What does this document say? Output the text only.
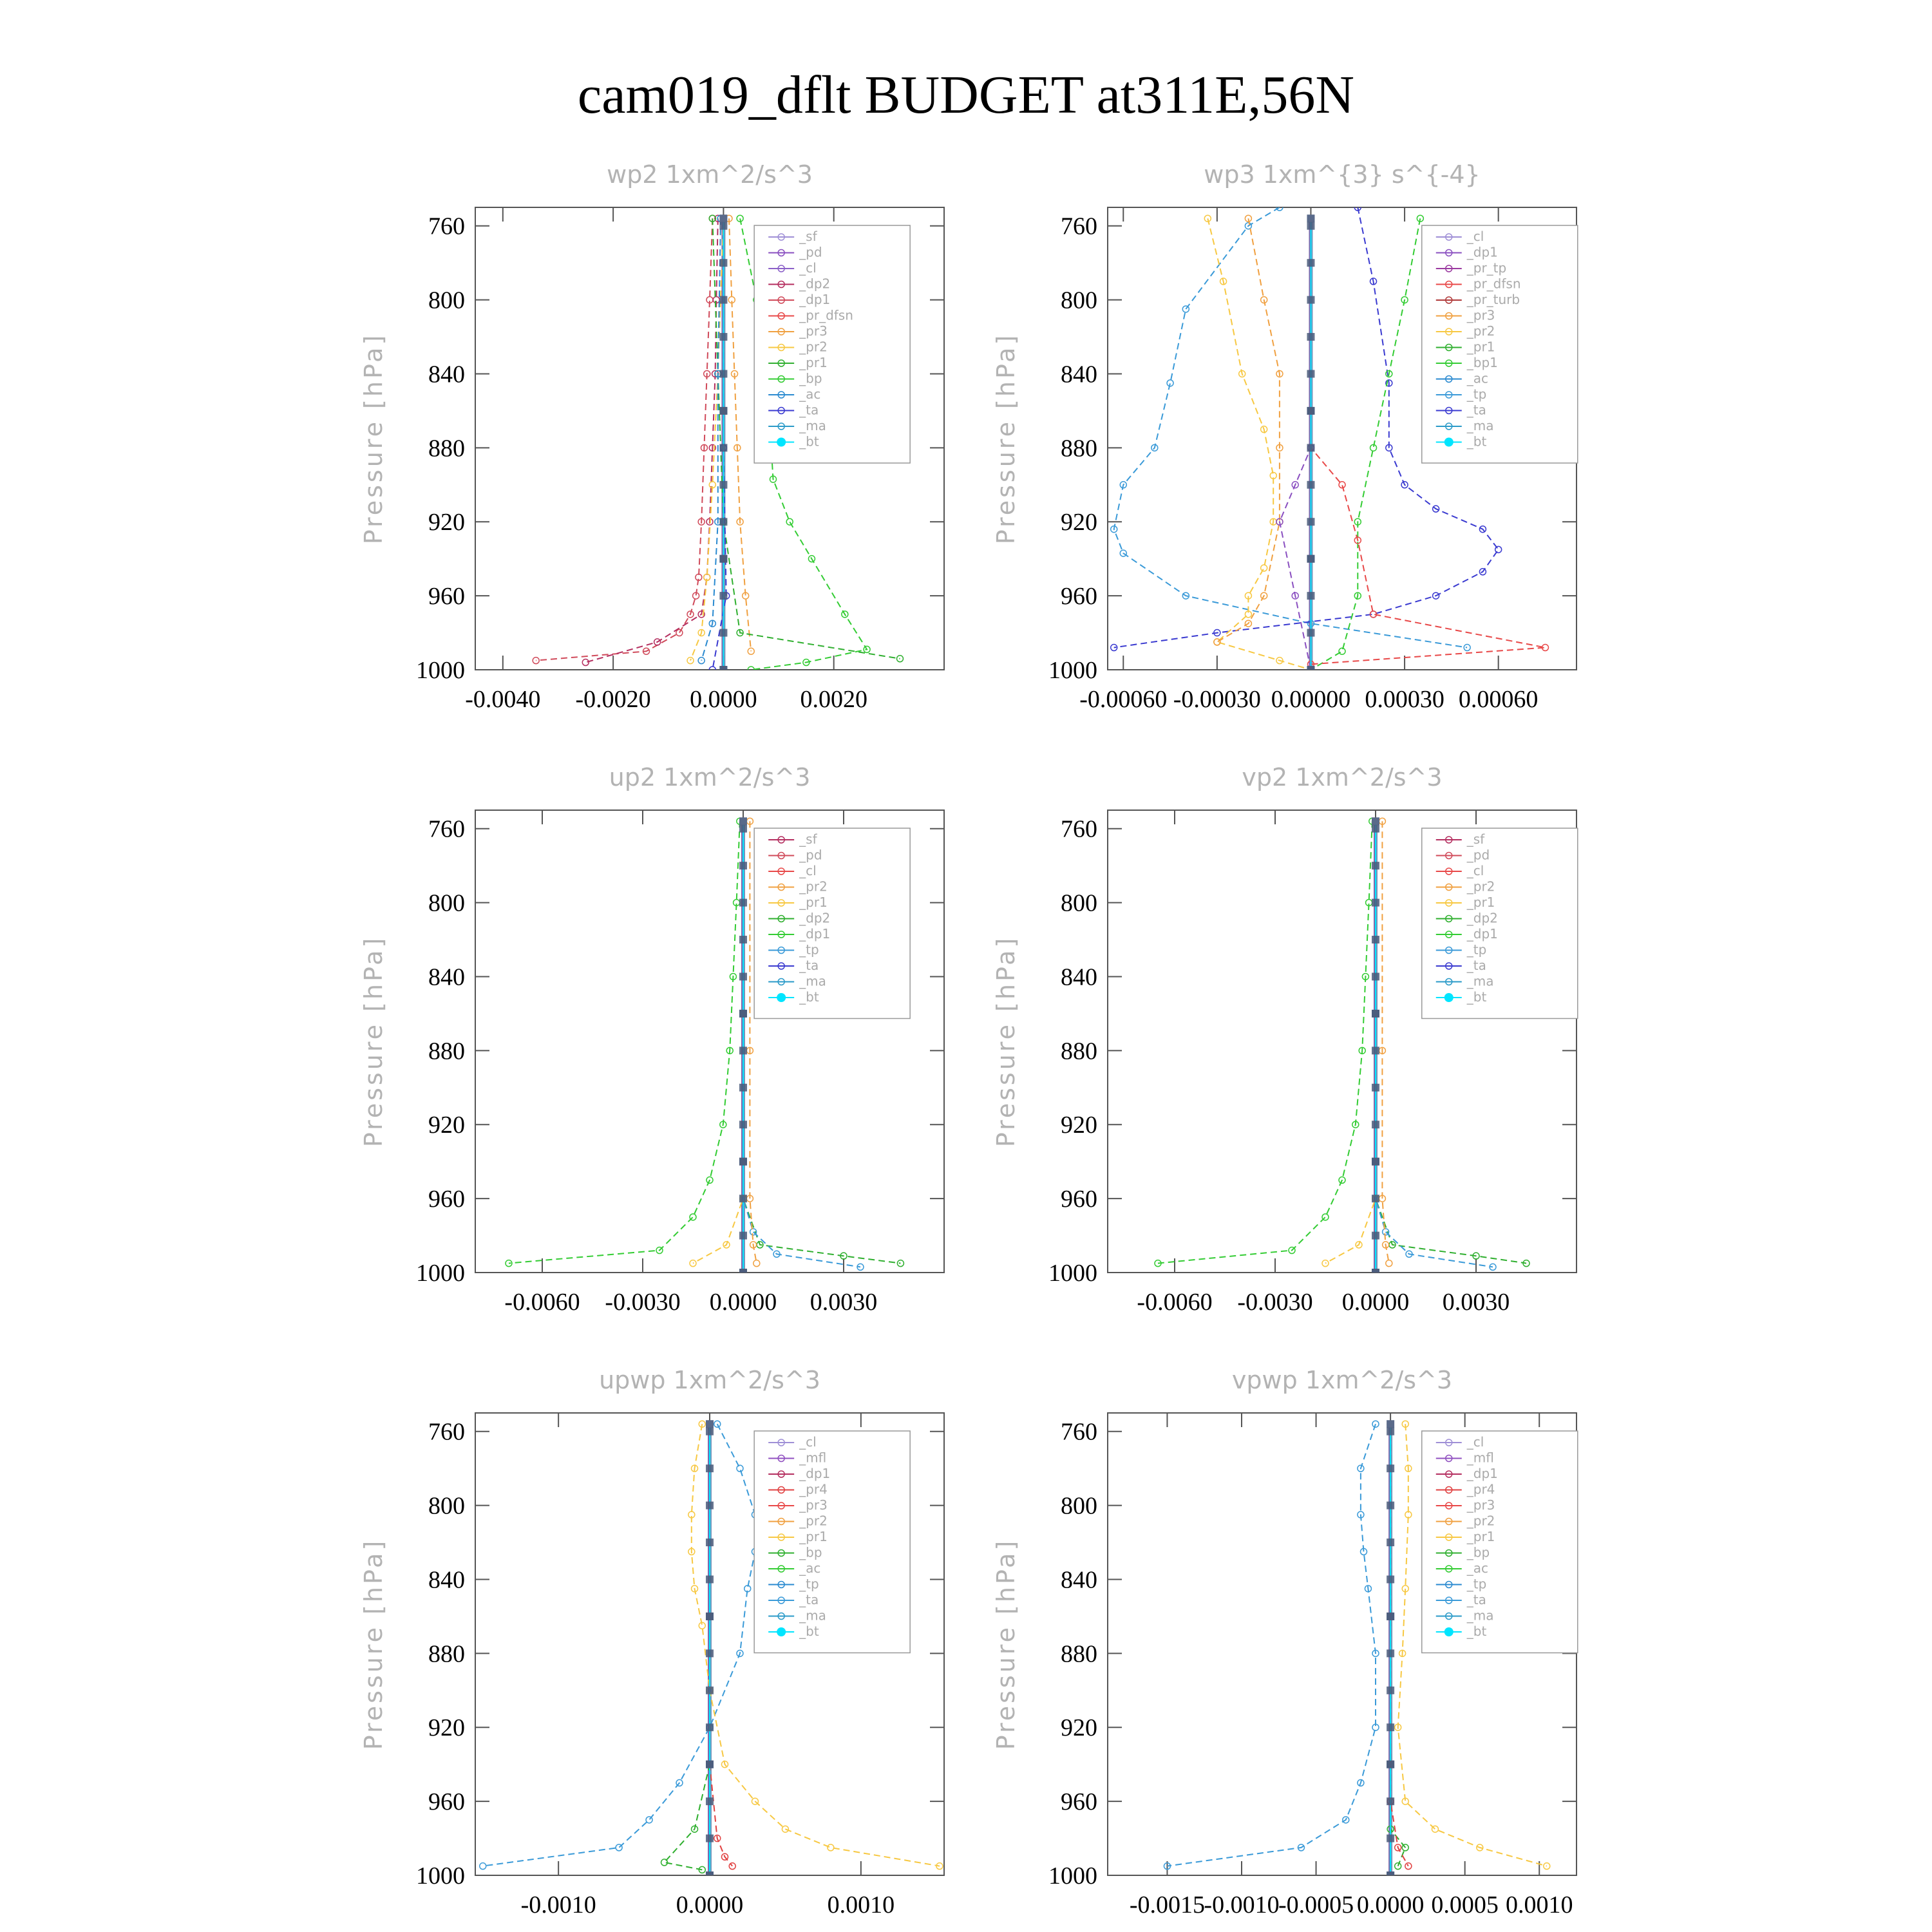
cam019_dflt BUDGET at311E,56N
wp2 1xm^2/s^3
760
800
840
880
920
960
1000
-0.0040 -0.0020 0.0000 0.0020
Pressure [hPa]
_sf
_pd
_cl
_dp2
_dp1
_pr_dfsn
_pr3
_pr2
_pr1
_bp
_ac
_ta
_ma
_bt
wp3 1xm^{3} s^{-4}
760
800
840
880
920
960
1000
-0.00060 -0.00030 0.00000 0.00030 0.00060
Pressure [hPa]
_cl
_dp1
_pr_tp
_pr_dfsn
_pr_turb
_pr3
_pr2
_pr1
_bp1
_ac
_tp
_ta
_ma
_bt
up2 1xm^2/s^3
760
800
840
880
920
960
1000
-0.0060 -0.0030 0.0000 0.0030
Pressure [hPa]
_sf
_pd
_cl
_pr2
_pr1
_dp2
_dp1
_tp
_ta
_ma
_bt
vp2 1xm^2/s^3
760
800
840
880
920
960
1000
-0.0060 -0.0030 0.0000 0.0030
Pressure [hPa]
_sf
_pd
_cl
_pr2
_pr1
_dp2
_dp1
_tp
_ta
_ma
_bt
upwp 1xm^2/s^3
760
800
840
880
920
960
1000
-0.0010	0.0000	0.0010
Pressure [hPa]
_cl
_mfl
_dp1
_pr4
_pr3
_pr2
_pr1
_bp
_ac
_tp
_ta
_ma
_bt
vpwp 1xm^2/s^3
760
800
840
880
920
960
1000
-0.0015
-0.0010
-0.0005 0.0000 0.0005 0.0010
Pressure [hPa]
_cl
_mfl
_dp1
_pr4
_pr3
_pr2
_pr1
_bp
_ac
_tp
_ta
_ma
_bt
